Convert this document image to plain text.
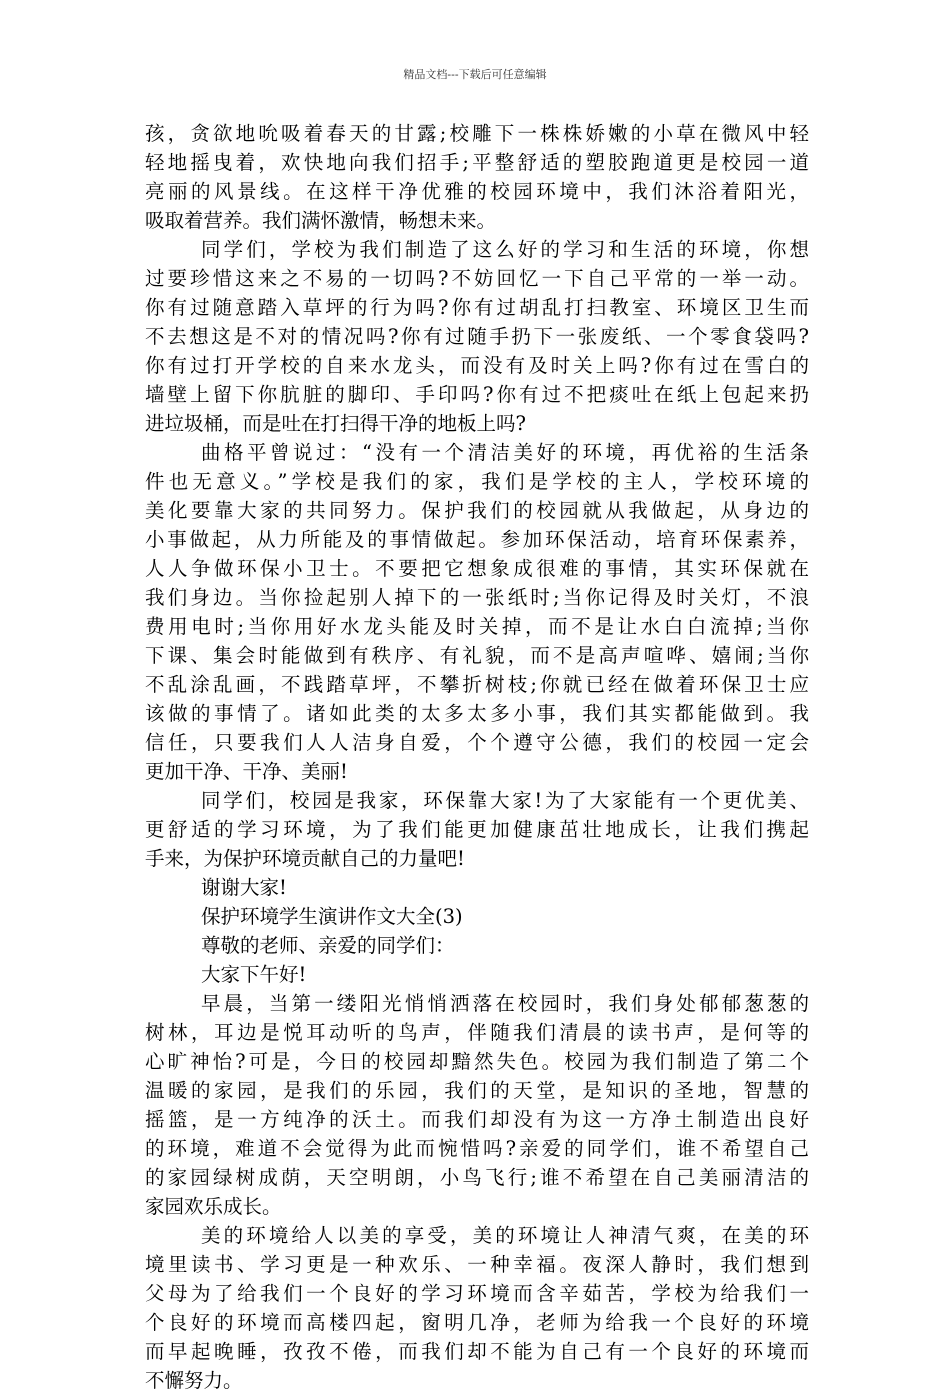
精品文档---下载后可任意编辑
孩，贪欲地吮吸着春天的甘露;校雕下一株株娇嫩的小草在微风中轻
轻地摇曳着，欢快地向我们招手;平整舒适的塑胶跑道更是校园一道
亮丽的风景线。在这样干净优雅的校园环境中，我们沐浴着阳光，
吸取着营养。我们满怀激情，畅想未来。
同学们，学校为我们制造了这么好的学习和生活的环境，你想
过要珍惜这来之不易的一切吗?不妨回忆一下自己平常的一举一动。
你有过随意踏入草坪的行为吗?你有过胡乱打扫教室、环境区卫生而
不去想这是不对的情况吗?你有过随手扔下一张废纸、一个零食袋吗?
你有过打开学校的自来水龙头，而没有及时关上吗?你有过在雪白的
墙壁上留下你肮脏的脚印、手印吗?你有过不把痰吐在纸上包起来扔
进垃圾桶，而是吐在打扫得干净的地板上吗?
曲格平曾说过：“没有一个清洁美好的环境，再优裕的生活条
件也无意义。”学校是我们的家，我们是学校的主人，学校环境的
美化要靠大家的共同努力。保护我们的校园就从我做起，从身边的
小事做起，从力所能及的事情做起。参加环保活动，培育环保素养，
人人争做环保小卫士。不要把它想象成很难的事情，其实环保就在
我们身边。当你捡起别人掉下的一张纸时;当你记得及时关灯，不浪
费用电时;当你用好水龙头能及时关掉，而不是让水白白流掉;当你
下课、集会时能做到有秩序、有礼貌，而不是高声喧哗、嬉闹;当你
不乱涂乱画，不践踏草坪，不攀折树枝;你就已经在做着环保卫士应
该做的事情了。诸如此类的太多太多小事，我们其实都能做到。我
信任，只要我们人人洁身自爱，个个遵守公德，我们的校园一定会
更加干净、干净、美丽!
同学们，校园是我家，环保靠大家!为了大家能有一个更优美、
更舒适的学习环境，为了我们能更加健康茁壮地成长，让我们携起
手来，为保护环境贡献自己的力量吧!
谢谢大家!
保护环境学生演讲作文大全(3)
尊敬的老师、亲爱的同学们：
大家下午好!
早晨，当第一缕阳光悄悄洒落在校园时，我们身处郁郁葱葱的
树林，耳边是悦耳动听的鸟声，伴随我们清晨的读书声，是何等的
心旷神怡?可是，今日的校园却黯然失色。校园为我们制造了第二个
温暖的家园，是我们的乐园，我们的天堂，是知识的圣地，智慧的
摇篮，是一方纯净的沃土。而我们却没有为这一方净土制造出良好
的环境，难道不会觉得为此而惋惜吗?亲爱的同学们，谁不希望自己
的家园绿树成荫，天空明朗，小鸟飞行;谁不希望在自己美丽清洁的
家园欢乐成长。
美的环境给人以美的享受，美的环境让人神清气爽，在美的环
境里读书、学习更是一种欢乐、一种幸福。夜深人静时，我们想到
父母为了给我们一个良好的学习环境而含辛茹苦，学校为给我们一
个良好的环境而高楼四起，窗明几净，老师为给我一个良好的环境
而早起晚睡，孜孜不倦，而我们却不能为自己有一个良好的环境而
不懈努力。
